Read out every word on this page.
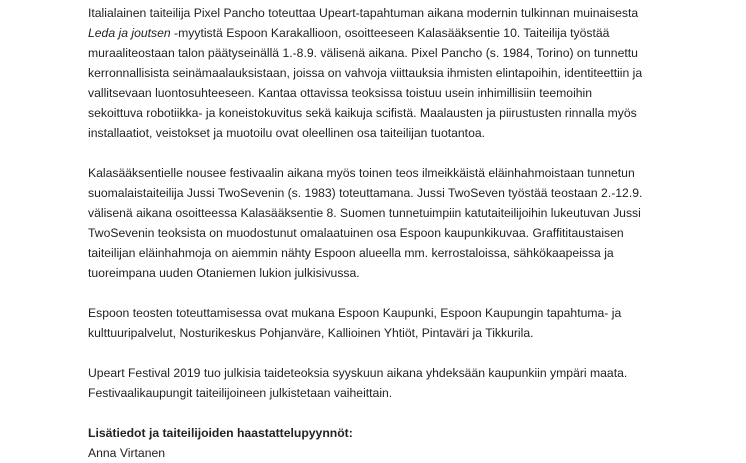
Italialainen taiteilija Pixel Pancho toteuttaa Upeart-tapahtuman aikana modernin tulkinnan muinaisesta
Leda ja joutsen -myytistä Espoon Karakallioon, osoitteeseen Kalasääksentie 10. Taiteilija työstää
muraaliteostaan talon päätyseinällä 1.-8.9. välisenä aikana. Pixel Pancho (s. 1984, Torino) on tunnettu
kerronnallisista seinämaalauksistaan, joissa on vahvoja viittauksia ihmisten elintapoihin, identiteettiin ja
vallitsevaan luontosuhteeseen. Kantaa ottavissa teoksissa toistuu usein inhimillisiin teemoihin
sekoittuva robotiikka- ja koneistokuvitus sekä kaikuja scifistä. Maalausten ja piirustusten rinnalla myös
installaatiot, veistokset ja muotoilu ovat oleellinen osa taiteilijan tuotantoa.

Kalasääksentielle nousee festivaalin aikana myös toinen teos ilmeikkäistä eläinhahmoistaan tunnetun
suomalaistaiteilija Jussi TwoSevenin (s. 1983) toteuttamana. Jussi TwoSeven työstää teostaan 2.-12.9.
välisenä aikana osoitteessa Kalasääksentie 8. Suomen tunnetuimpiin katutaiteilijoihin lukeutuvan Jussi
TwoSevenin teoksista on muodostunut omalaatuinen osa Espoon kaupunkikuvaa. Graffititaustaisen
taiteilijan eläinhahmoja on aiemmin nähty Espoon alueella mm. kerrostaloissa, sähkökaapeissa ja
tuoreimpana uuden Otaniemen lukion julkisivussa.

Espoon teosten toteuttamisessa ovat mukana Espoon Kaupunki, Espoon Kaupungin tapahtuma- ja
kulttuuripalvelut, Nosturikeskus Pohjanväre, Kallioinen Yhtiöt, Pintaväri ja Tikkurila.

Upeart Festival 2019 tuo julkisia taideteoksia syyskuun aikana yhdeksään kaupunkiin ympäri maata.
Festivaalikaupungit taiteilijoineen julkistetaan vaiheittain.

Lisätiedot ja taiteilijoiden haastattelupyynnöt:
Anna Virtanen
